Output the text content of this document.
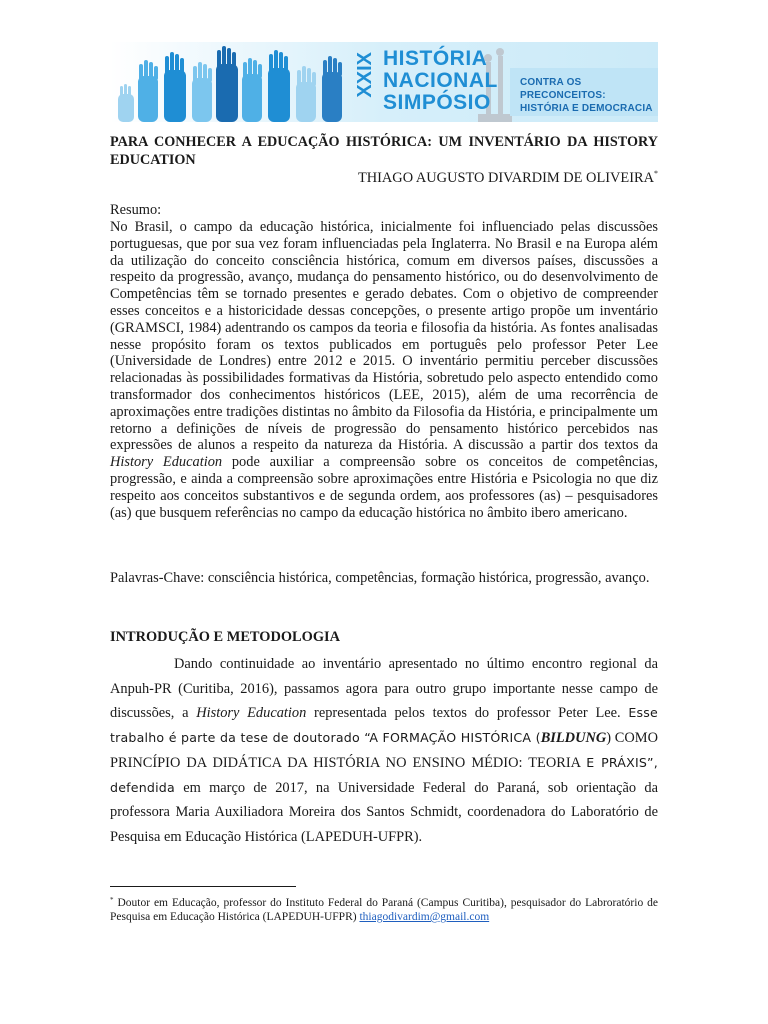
XXIX HISTÓRIA
NACIONAL
SIMPÓSIO
CONTRA OS PRECONCEITOS:
HISTÓRIA E DEMOCRACIA
PARA CONHECER A EDUCAÇÃO HISTÓRICA: UM INVENTÁRIO DA HISTORY EDUCATION
THIAGO AUGUSTO DIVARDIM DE OLIVEIRA*
Resumo:
No Brasil, o campo da educação histórica, inicialmente foi influenciado pelas discussões portuguesas, que por sua vez foram influenciadas pela Inglaterra. No Brasil e na Europa além da utilização do conceito consciência histórica, comum em diversos países, discussões a respeito da progressão, avanço, mudança do pensamento histórico, ou do desenvolvimento de Competências têm se tornado presentes e gerado debates. Com o objetivo de compreender esses conceitos e a historicidade dessas concepções, o presente artigo propõe um inventário (GRAMSCI, 1984) adentrando os campos da teoria e filosofia da história. As fontes analisadas nesse propósito foram os textos publicados em português pelo professor Peter Lee (Universidade de Londres) entre 2012 e 2015. O inventário permitiu perceber discussões relacionadas às possibilidades formativas da História, sobretudo pelo aspecto entendido como transformador dos conhecimentos históricos (LEE, 2015), além de uma recorrência de aproximações entre tradições distintas no âmbito da Filosofia da História, e principalmente um retorno a definições de níveis de progressão do pensamento histórico percebidos nas expressões de alunos a respeito da natureza da História. A discussão a partir dos textos da History Education pode auxiliar a compreensão sobre os conceitos de competências, progressão, e ainda a compreensão sobre aproximações entre História e Psicologia no que diz respeito aos conceitos substantivos e de segunda ordem, aos professores (as) – pesquisadores (as) que busquem referências no campo da educação histórica no âmbito ibero americano.
Palavras-Chave: consciência histórica, competências, formação histórica, progressão, avanço.
INTRODUÇÃO E METODOLOGIA
Dando continuidade ao inventário apresentado no último encontro regional da Anpuh-PR (Curitiba, 2016), passamos agora para outro grupo importante nesse campo de discussões, a History Education representada pelos textos do professor Peter Lee. Esse trabalho é parte da tese de doutorado “A FORMAÇÃO HISTÓRICA (BILDUNG) COMO PRINCÍPIO DA DIDÁTICA DA HISTÓRIA NO ENSINO MÉDIO: TEORIA E PRÁXIS”, defendida em março de 2017, na Universidade Federal do Paraná, sob orientação da professora Maria Auxiliadora Moreira dos Santos Schmidt, coordenadora do Laboratório de Pesquisa em Educação Histórica (LAPEDUH-UFPR).
* Doutor em Educação, professor do Instituto Federal do Paraná (Campus Curitiba), pesquisador do Labroratório de Pesquisa em Educação Histórica (LAPEDUH-UFPR) thiagodivardim@gmail.com
